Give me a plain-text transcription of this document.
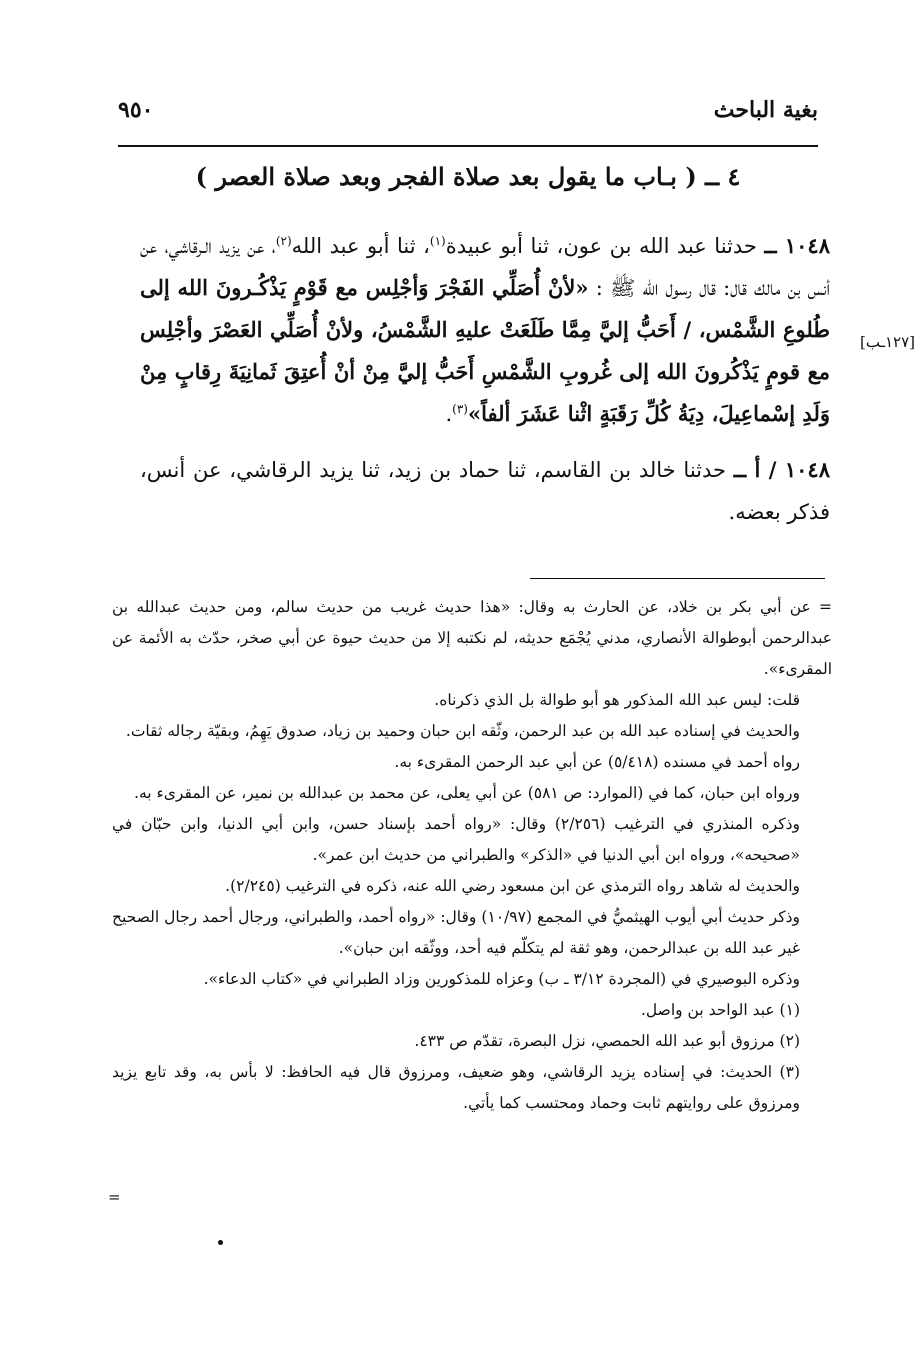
بغية الباحث
٩٥٠
٤ ــ ( بـاب ما يقول بعد صلاة الفجر وبعد صلاة العصر )
[١٢٧ـب]

١٠٤٨ ــ حدثنا عبد الله بن عون، ثنا أبو عبيدة$^{(١)}$، ثنا أبو عبد الله$^{(٢)}$، عن يزيد الـرقاشي، عن أنس بن مالك قال: قال رسول الله ﷺ : «لأنْ أُصَلِّي الفَجْرَ وَأجْلِس مع قَوْمٍ يَذْكُـرونَ الله إلى طُلوعِ الشَّمْس، / أَحَبُّ إليَّ مِمَّا طَلَعَتْ عليهِ الشَّمْسُ، ولأنْ أُصَلِّي العَصْرَ وأجْلِس مع قومٍ يَذْكُرونَ الله إلى غُروبِ الشَّمْسِ أَحَبُّ إليَّ مِنْ أنْ أُعتِقَ ثَمانِيَةَ رِقابٍ مِنْ وَلَدِ إسْماعِيلَ، دِيَةُ كُلِّ رَقَبَةٍ اثْنا عَشَرَ ألفاً»$^{(٣)}$.

١٠٤٨ / أ ــ حدثنا خالد بن القاسم، ثنا حماد بن زيد، ثنا يزيد الرقاشي، عن أنس، فذكر بعضه.

= عن أبي بكر بن خلاد، عن الحارث به وقال: «هذا حديث غريب من حديث سالم، ومن حديث عبدالله بن عبدالرحمن أبوطوالة الأنصاري، مدني يُجْمَع حديثه، لم نكتبه إلا من حديث حيوة عن أبي صخر، حدّث به الأئمة عن المقرىء».

قلت: ليس عبد الله المذكور هو أبو طوالة بل الذي ذكرناه.

والحديث في إسناده عبد الله بن عبد الرحمن، وثّقه ابن حبان وحميد بن زياد، صدوق يَهِمُ، وبقيّة رجاله ثقات.

رواه أحمد في مسنده (٥/٤١٨) عن أبي عبد الرحمن المقرىء به.

ورواه ابن حبان، كما في (الموارد: ص ٥٨١) عن أبي يعلى، عن محمد بن عبدالله بن نمير، عن المقرىء به.

وذكره المنذري في الترغيب (٢/٢٥٦) وقال: «رواه أحمد بإسناد حسن، وابن أبي الدنيا، وابن حبّان في «صحيحه»، ورواه ابن أبي الدنيا في «الذكر» والطبراني من حديث ابن عمر».

والحديث له شاهد رواه الترمذي عن ابن مسعود رضي الله عنه، ذكره في الترغيب (٢/٢٤٥).

وذكر حديث أبي أيوب الهيثميُّ في المجمع (١٠/٩٧) وقال: «رواه أحمد، والطبراني، ورجال أحمد رجال الصحيح غير عبد الله بن عبدالرحمن، وهو ثقة لم يتكلّم فيه أحد، ووثّقه ابن حبان».

وذكره البوصيري في (المجردة ٣/١٢ ـ ب) وعزاه للمذكورين وزاد الطبراني في «كتاب الدعاء».

(١) عبد الواحد بن واصل.

(٢) مرزوق أبو عبد الله الحمصي، نزل البصرة، تقدّم ص ٤٣٣.

(٣) الحديث: في إسناده يزيد الرقاشي، وهو ضعيف، ومرزوق قال فيه الحافظ: لا بأس به، وقد تابع يزيد ومرزوق على روايتهم ثابت وحماد ومحتسب كما يأتي.

=
